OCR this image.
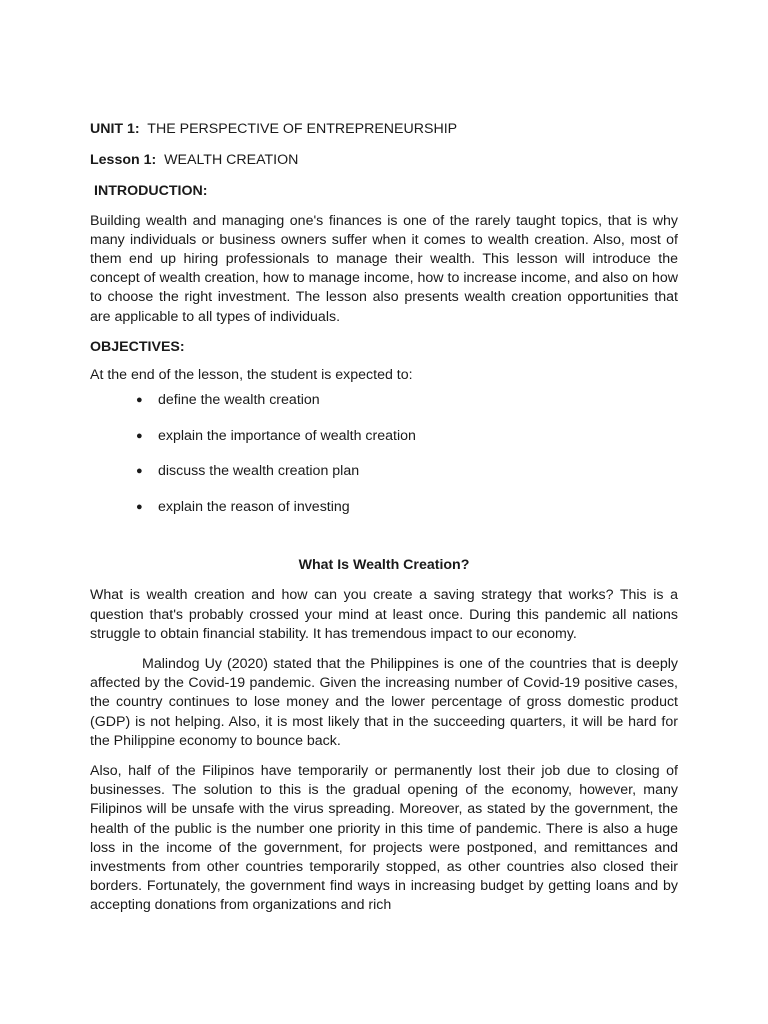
UNIT 1: THE PERSPECTIVE OF ENTREPRENEURSHIP
Lesson 1: WEALTH CREATION
INTRODUCTION:

Building wealth and managing one's finances is one of the rarely taught topics, that is why many individuals or business owners suffer when it comes to wealth creation. Also, most of them end up hiring professionals to manage their wealth. This lesson will introduce the concept of wealth creation, how to manage income, how to increase income, and also on how to choose the right investment. The lesson also presents wealth creation opportunities that are applicable to all types of individuals.

OBJECTIVES:
At the end of the lesson, the student is expected to:
● define the wealth creation
● explain the importance of wealth creation
● discuss the wealth creation plan
● explain the reason of investing
What Is Wealth Creation?

What is wealth creation and how can you create a saving strategy that works? This is a question that's probably crossed your mind at least once. During this pandemic all nations struggle to obtain financial stability. It has tremendous impact to our economy.

Malindog Uy (2020) stated that the Philippines is one of the countries that is deeply affected by the Covid-19 pandemic. Given the increasing number of Covid-19 positive cases, the country continues to lose money and the lower percentage of gross domestic product (GDP) is not helping. Also, it is most likely that in the succeeding quarters, it will be hard for the Philippine economy to bounce back.

Also, half of the Filipinos have temporarily or permanently lost their job due to closing of businesses. The solution to this is the gradual opening of the economy, however, many Filipinos will be unsafe with the virus spreading. Moreover, as stated by the government, the health of the public is the number one priority in this time of pandemic. There is also a huge loss in the income of the government, for projects were postponed, and remittances and investments from other countries temporarily stopped, as other countries also closed their borders. Fortunately, the government find ways in increasing budget by getting loans and by accepting donations from organizations and rich
